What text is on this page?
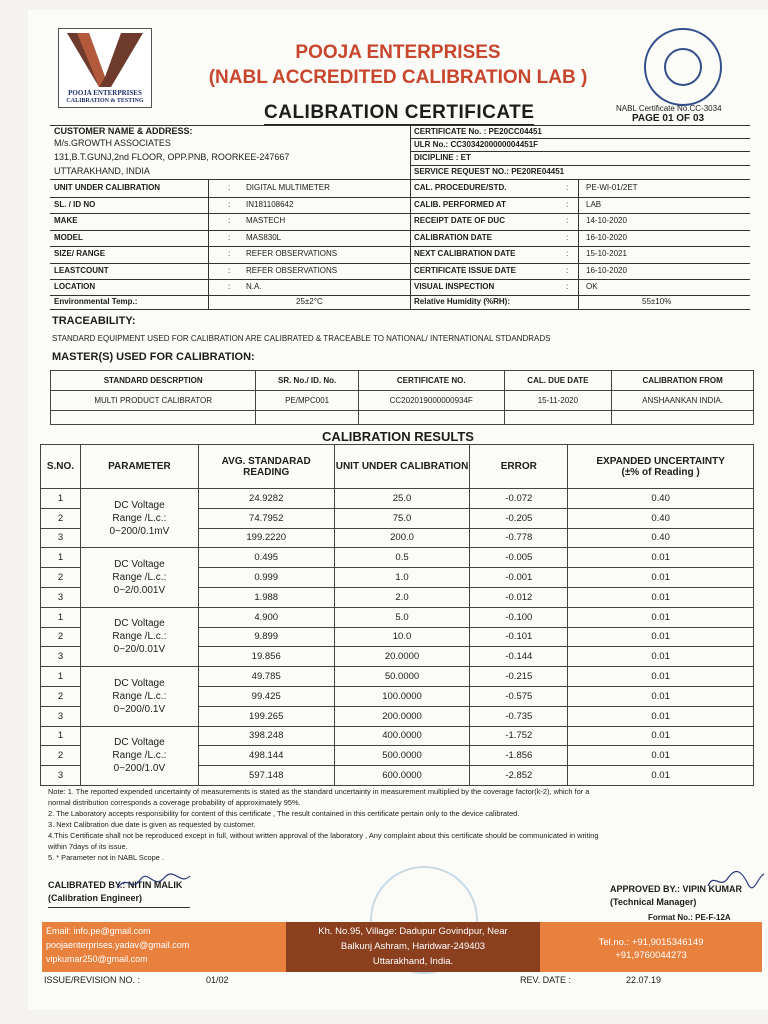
POOJA ENTERPRISES
CALIBRATION & TESTING
POOJA ENTERPRISES
(NABL ACCREDITED CALIBRATION LAB )
NABL Certificate No.CC-3034
CALIBRATION CERTIFICATE	PAGE 01 OF 03
CUSTOMER NAME & ADDRESS:
M/s.GROWTH ASSOCIATES
131,B.T.GUNJ,2nd FLOOR, OPP.PNB, ROORKEE-247667
UTTARAKHAND, INDIA
CERTIFICATE No. : PE20CC04451
ULR No.: CC3034200000004451F
DICIPLINE : ET
SERVICE REQUEST NO.: PE20RE04451
Environmental Temp.:	25±2°C	Relative Humidity (%RH):	55±10%
TRACEABILITY:
STANDARD EQUIPMENT USED FOR CALIBRATION ARE CALIBRATED & TRACEABLE TO NATIONAL/ INTERNATIONAL STDANDRADS
MASTER(S) USED FOR CALIBRATION:
STANDARD DESCRPTION	SR. No./ ID. No.	CERTIFICATE NO.	CAL. DUE DATE	CALIBRATION FROM
MULTI PRODUCT CALIBRATOR	PE/MPC001	CC202019000000934F	15-11-2020	ANSHAANKAN INDIA.

CALIBRATION RESULTS
S.NO.	PARAMETER	AVG. STANDARAD READING	UNIT UNDER CALIBRATION	ERROR	EXPANDED UNCERTAINTY
(±% of Reading )

1	DC Voltage
Range /L.c.:
0~200/0.1mV	24.9282	25.0	-0.072	0.40
2		74.7952	75.0	-0.205	0.40
3		199.2220	200.0	-0.778	0.40
1	DC Voltage
Range /L.c.:
0~2/0.001V	0.495	0.5	-0.005	0.01
2		0.999	1.0	-0.001	0.01
3		1.988	2.0	-0.012	0.01
1	DC Voltage
Range /L.c.:
0~20/0.01V	4.900	5.0	-0.100	0.01
2		9.899	10.0	-0.101	0.01
3		19.856	20.0000	-0.144	0.01
1	DC Voltage
Range /L.c.:
0~200/0.1V	49.785	50.0000	-0.215	0.01
2		99.425	100.0000	-0.575	0.01
3		199.265	200.0000	-0.735	0.01
1	DC Voltage
Range /L.c.:
0~200/1.0V	398.248	400.0000	-1.752	0.01
2		498.144	500.0000	-1.856	0.01
3		597.148	600.0000	-2.852	0.01
Note: 1. The reported expended uncertainty of measurements is stated as the standard uncertainty in measurement multiplied by the coverage factor(k-2), which for a
normal distribution corresponds a coverage probability of approximately 95%.
2. The Laboratory accepts responsibility for content of this certificate , The result contained in this certificate pertain only to the device calibrated.
3. Next Calibration due date is given as requested by customer.
4.This Certificate shall not be reproduced except in full, without written approval of the laboratory , Any complaint about this certificate should be communicated in writing
within 7days of its issue.
5. * Parameter not in NABL Scope .
CALIBRATED BY.: NITIN MALIK
(Calibration Engineer)
APPROVED BY.: VIPIN KUMAR
(Technical Manager)
Format No.: PE-F-12A
Email: info.pe@gmail.com
poojaenterprises.yadav@gmail.com
vipkumar250@gmail.com
Kh. No.95, Village: Dadupur Govindpur, Near
Balkunj Ashram, Haridwar-249403
Uttarakhand, India.
Tel.no.: +91,9015346149
+91,9760044273
ISSUE/REVISION NO. :	01/02	REV. DATE :	22.07.19
UNIT UNDER CALIBRATION	DIGITAL MULTIMETER	CAL. PROCEDURE/STD.	PE-WI-01/2ET
:	:
SL. / ID NO	IN181108642	CALIB. PERFORMED AT	LAB
:	:
MAKE	MASTECH	RECEIPT DATE OF DUC	14-10-2020
:	:
MODEL	MAS830L	CALIBRATION DATE	16-10-2020
:	:
SIZE/ RANGE	REFER OBSERVATIONS	NEXT CALIBRATION DATE	15-10-2021
:	:
LEASTCOUNT	REFER OBSERVATIONS	CERTIFICATE ISSUE DATE	16-10-2020
:	:
LOCATION	N.A.	VISUAL INSPECTION	OK
:	:
